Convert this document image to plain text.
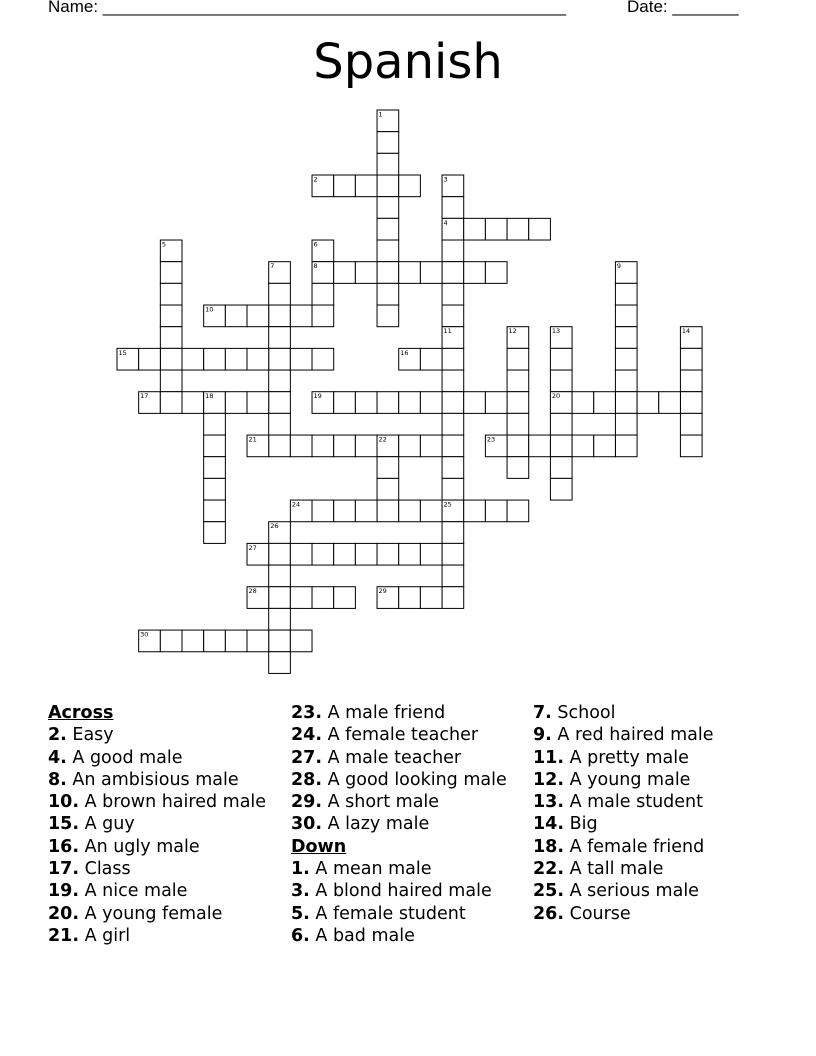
Name: _________________________________________________	Date: _______
Spanish
1
2	3
4
5	6
7	8	9
10
11	12	13	14
15	16
17	18	19	20
21	22	23
24	25
26
27
28	29
30
Across
2. Easy
4. A good male
8. An ambisious male
10. A brown haired male
15. A guy
16. An ugly male
17. Class
19. A nice male
20. A young female
21. A girl
23. A male friend
24. A female teacher
27. A male teacher
28. A good looking male
29. A short male
30. A lazy male
Down
1. A mean male
3. A blond haired male
5. A female student
6. A bad male
7. School
9. A red haired male
11. A pretty male
12. A young male
13. A male student
14. Big
18. A female friend
22. A tall male
25. A serious male
26. Course
